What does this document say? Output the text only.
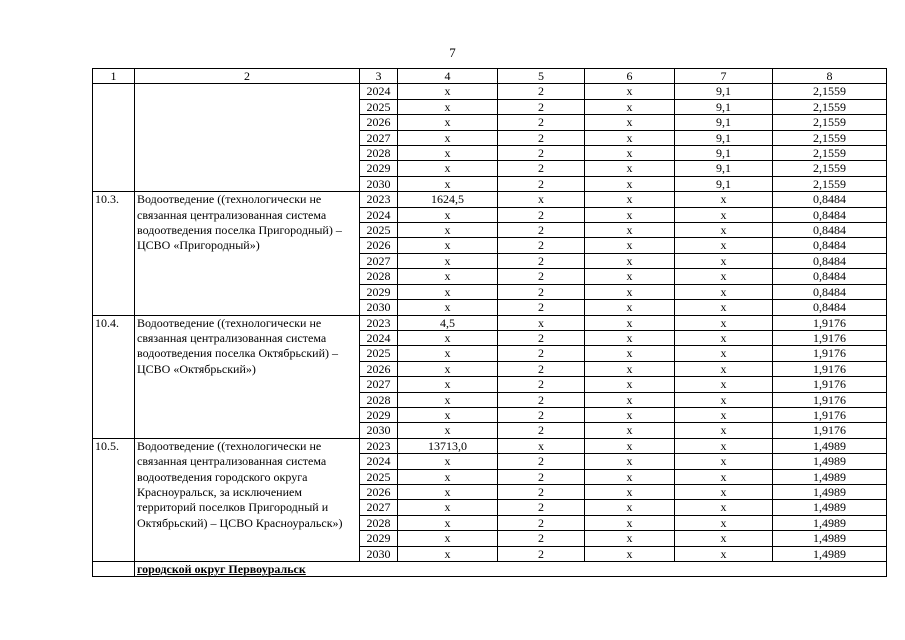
7
1	2	3	4	5	6	7	8
		2024	x	2	x	9,1	2,1559
		2025	x	2	x	9,1	2,1559
		2026	x	2	x	9,1	2,1559
		2027	x	2	x	9,1	2,1559
		2028	x	2	x	9,1	2,1559
		2029	x	2	x	9,1	2,1559
		2030	x	2	x	9,1	2,1559
10.3.	Водоотведение ((технологически не связанная централизованная система водоотведения поселка Пригородный) – ЦСВО «Пригородный»)	2023	1624,5	x	x	x	0,8484
		2024	x	2	x	x	0,8484
		2025	x	2	x	x	0,8484
		2026	x	2	x	x	0,8484
		2027	x	2	x	x	0,8484
		2028	x	2	x	x	0,8484
		2029	x	2	x	x	0,8484
		2030	x	2	x	x	0,8484
10.4.	Водоотведение ((технологически не связанная централизованная система водоотведения поселка Октябрьский) – ЦСВО «Октябрьский»)	2023	4,5	x	x	x	1,9176
		2024	x	2	x	x	1,9176
		2025	x	2	x	x	1,9176
		2026	x	2	x	x	1,9176
		2027	x	2	x	x	1,9176
		2028	x	2	x	x	1,9176
		2029	x	2	x	x	1,9176
		2030	x	2	x	x	1,9176
10.5.	Водоотведение ((технологически не связанная централизованная система водоотведения городского округа Красноуральск, за исключением территорий поселков Пригородный и Октябрьский) – ЦСВО Красноуральск»)	2023	13713,0	x	x	x	1,4989
		2024	x	2	x	x	1,4989
		2025	x	2	x	x	1,4989
		2026	x	2	x	x	1,4989
		2027	x	2	x	x	1,4989
		2028	x	2	x	x	1,4989
		2029	x	2	x	x	1,4989
		2030	x	2	x	x	1,4989
	городской округ Первоуральск						
